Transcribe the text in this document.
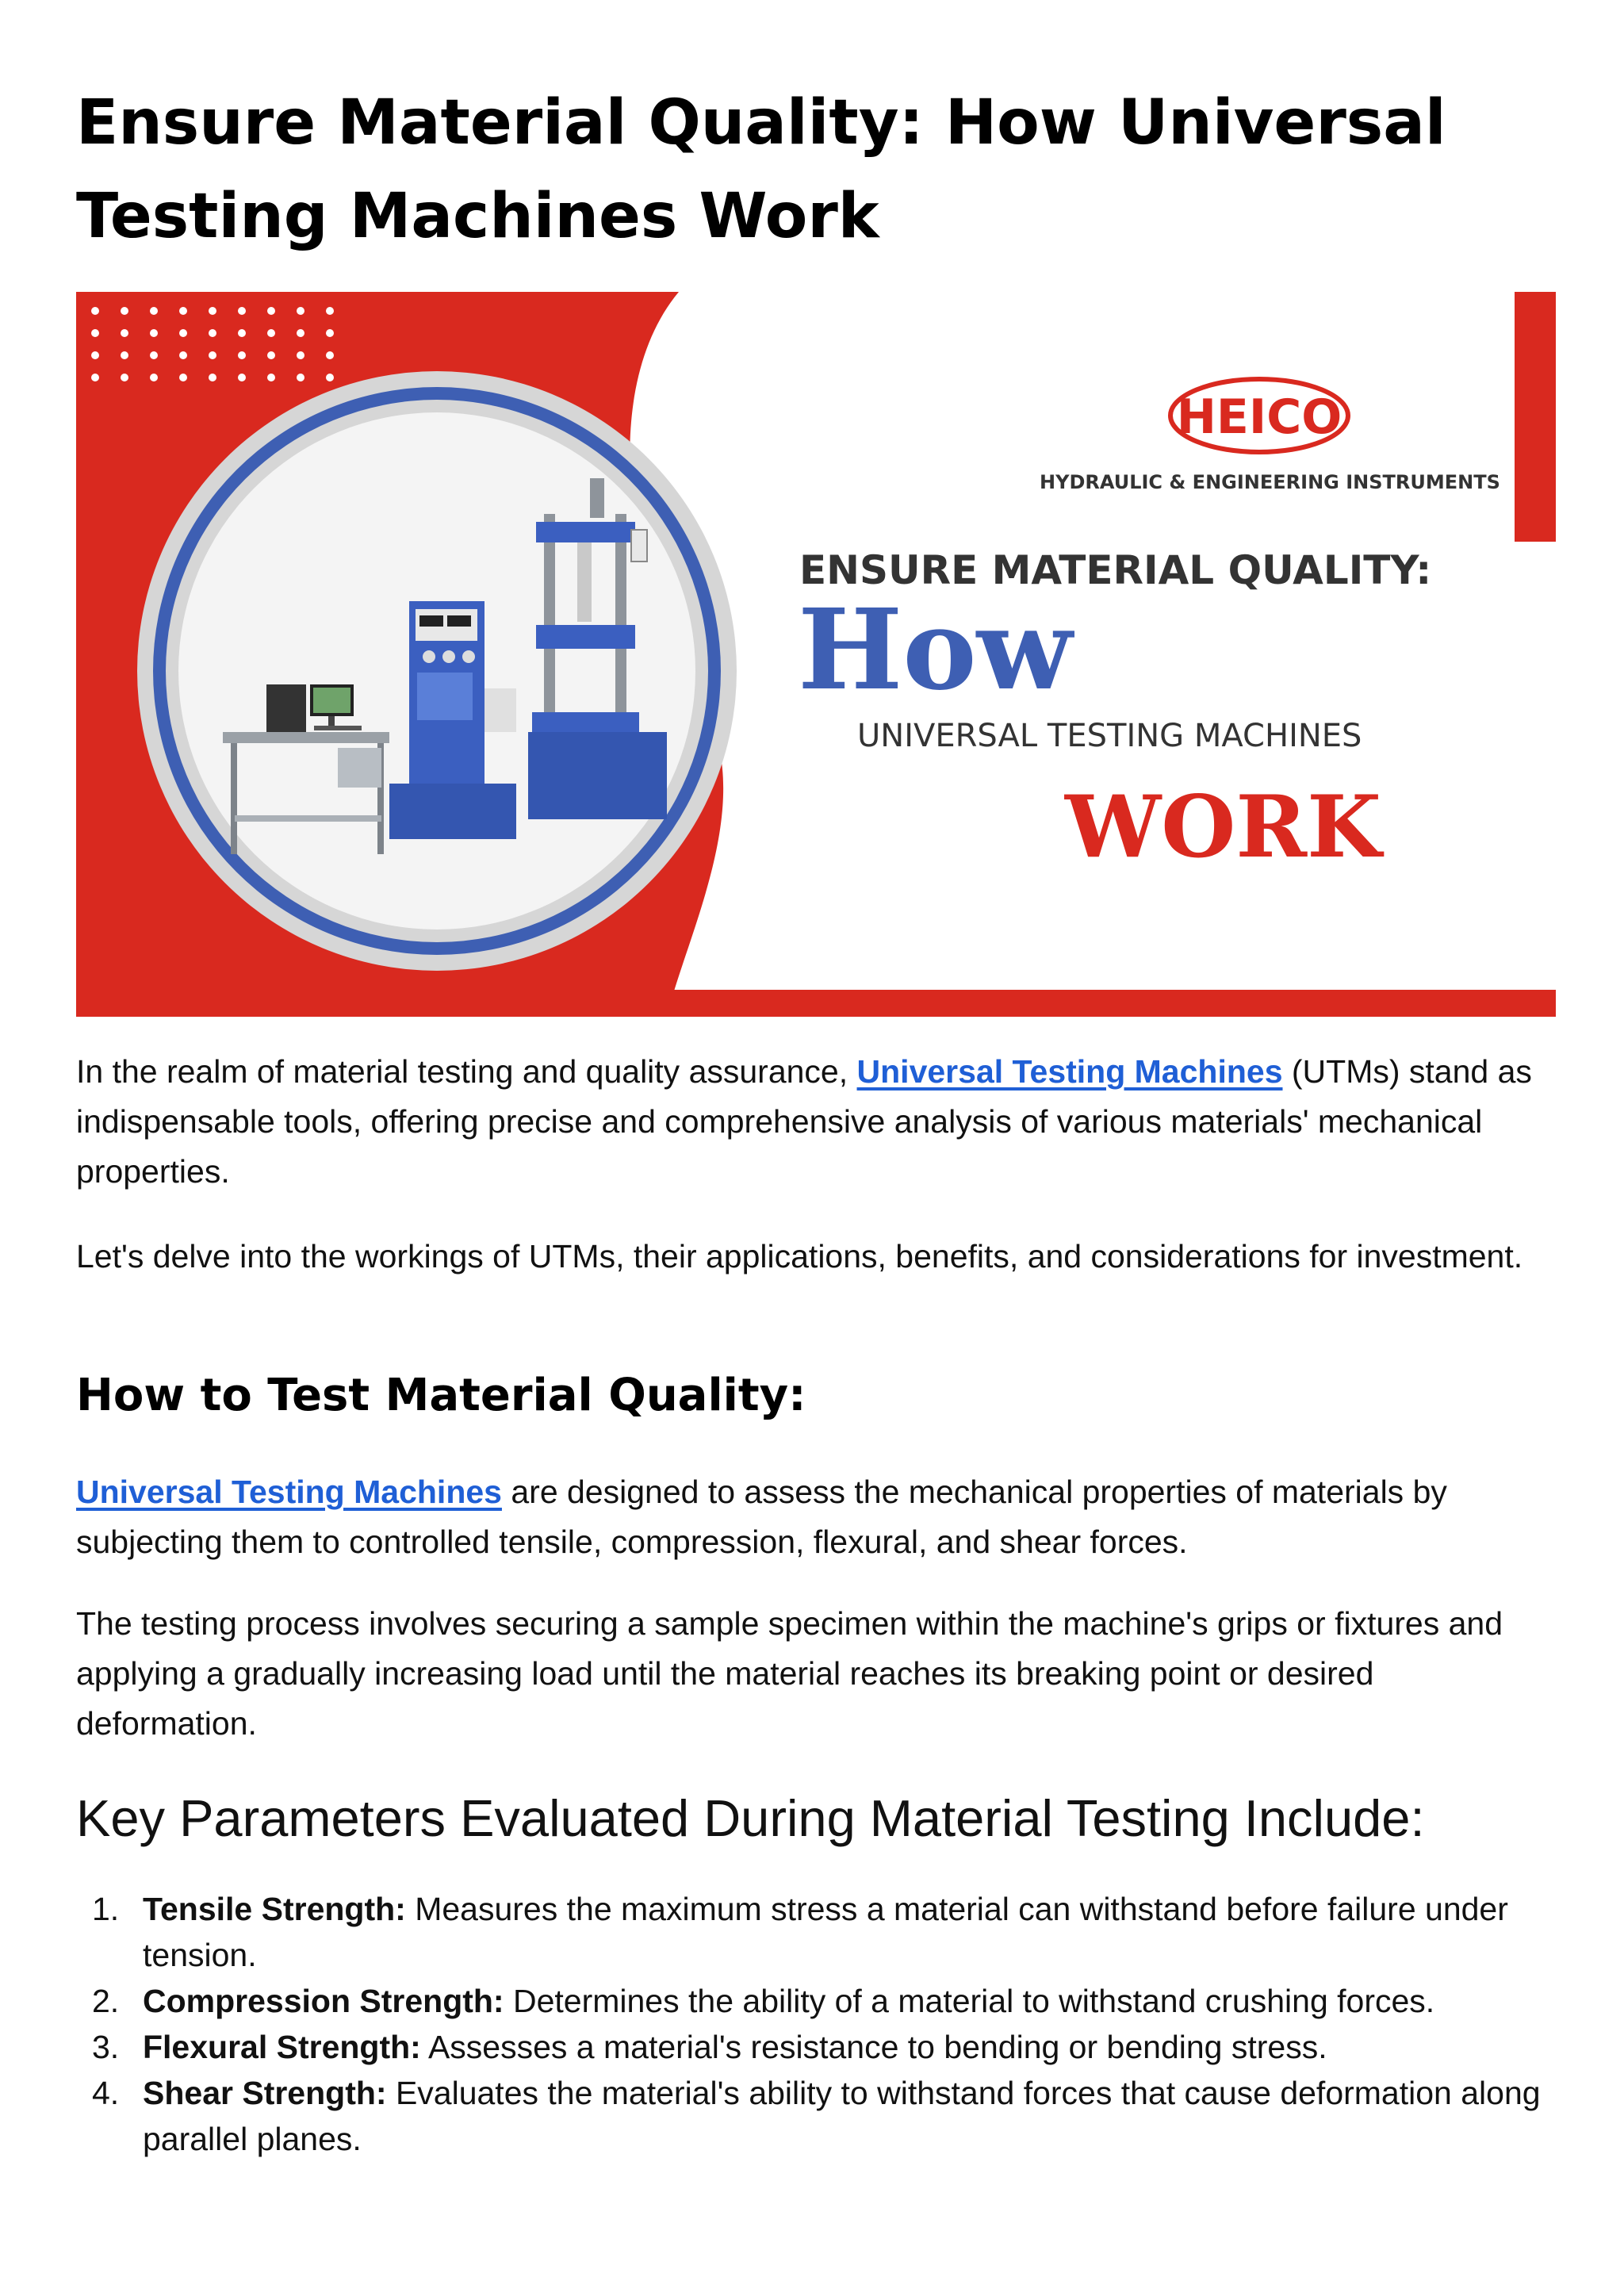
Ensure Material Quality: How Universal Testing Machines Work
HEICO
HYDRAULIC & ENGINEERING INSTRUMENTS
ENSURE MATERIAL QUALITY:
How
UNIVERSAL TESTING MACHINES
WORK

In the realm of material testing and quality assurance, Universal Testing Machines (UTMs) stand as indispensable tools, offering precise and comprehensive analysis of various materials' mechanical properties.

Let's delve into the workings of UTMs, their applications, benefits, and considerations for investment.

How to Test Material Quality:

Universal Testing Machines are designed to assess the mechanical properties of materials by subjecting them to controlled tensile, compression, flexural, and shear forces.

The testing process involves securing a sample specimen within the machine's grips or fixtures and applying a gradually increasing load until the material reaches its breaking point or desired deformation.

Key Parameters Evaluated During Material Testing Include:
1. Tensile Strength: Measures the maximum stress a material can withstand before failure under tension.
2. Compression Strength: Determines the ability of a material to withstand crushing forces.
3. Flexural Strength: Assesses a material's resistance to bending or bending stress.
4. Shear Strength: Evaluates the material's ability to withstand forces that cause deformation along parallel planes.
